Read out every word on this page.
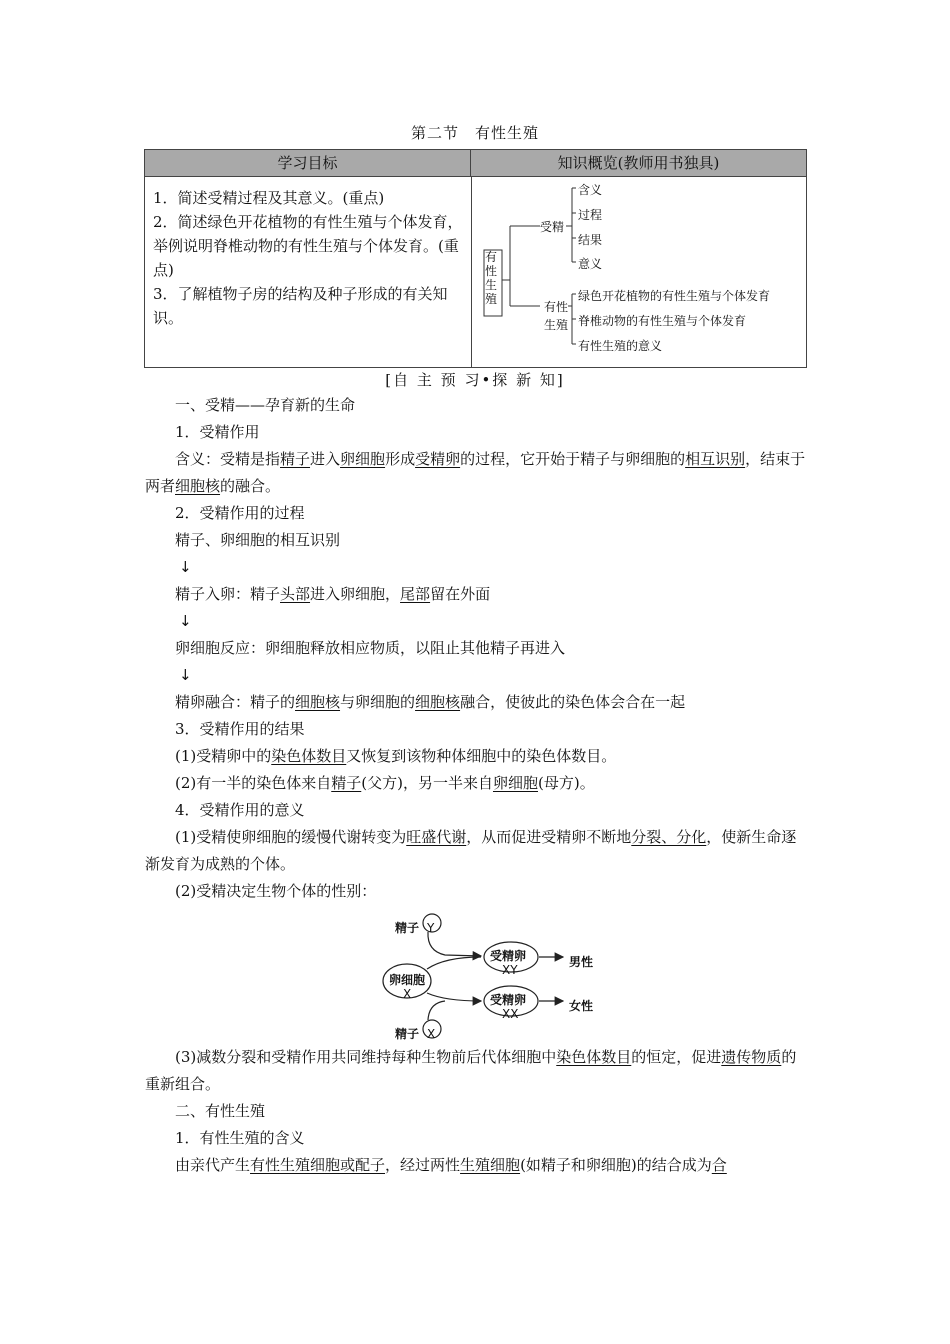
第二节　有性生殖
学习目标	知识概览(教师用书独具)

1．简述受精过程及其意义。(重点)

2．简述绿色开花植物的有性生殖与个体发育，举例说明脊椎动物的有性生殖与个体发育。(重点)

3．了解植物子房的结构及种子形成的有关知识。

有性生殖
受精
含义
过程
结果
意义
有性生殖
绿色开花植物的有性生殖与个体发育
脊椎动物的有性生殖与个体发育
有性生殖的意义
[自 主 预 习•探 新 知]

一、受精——孕育新的生命

1．受精作用

含义：受精是指精子进入卵细胞形成受精卵的过程，它开始于精子与卵细胞的相互识别，结束于两者细胞核的融合。

2．受精作用的过程

精子、卵细胞的相互识别

↓

精子入卵：精子头部进入卵细胞，尾部留在外面

↓

卵细胞反应：卵细胞释放相应物质，以阻止其他精子再进入

↓

精卵融合：精子的细胞核与卵细胞的细胞核融合，使彼此的染色体会合在一起

3．受精作用的结果

(1)受精卵中的染色体数目又恢复到该物种体细胞中的染色体数目。

(2)有一半的染色体来自精子(父方)，另一半来自卵细胞(母方)。

4．受精作用的意义

(1)受精使卵细胞的缓慢代谢转变为旺盛代谢，从而促进受精卵不断地分裂、分化，使新生命逐渐发育为成熟的个体。

(2)受精决定生物个体的性别：

精子 Y
精子 X
卵细胞
X
受精卵
XY
受精卵
XX
男性
女性

(3)减数分裂和受精作用共同维持每种生物前后代体细胞中染色体数目的恒定，促进遗传物质的重新组合。

二、有性生殖

1．有性生殖的含义

由亲代产生有性生殖细胞或配子，经过两性生殖细胞(如精子和卵细胞)的结合成为合
